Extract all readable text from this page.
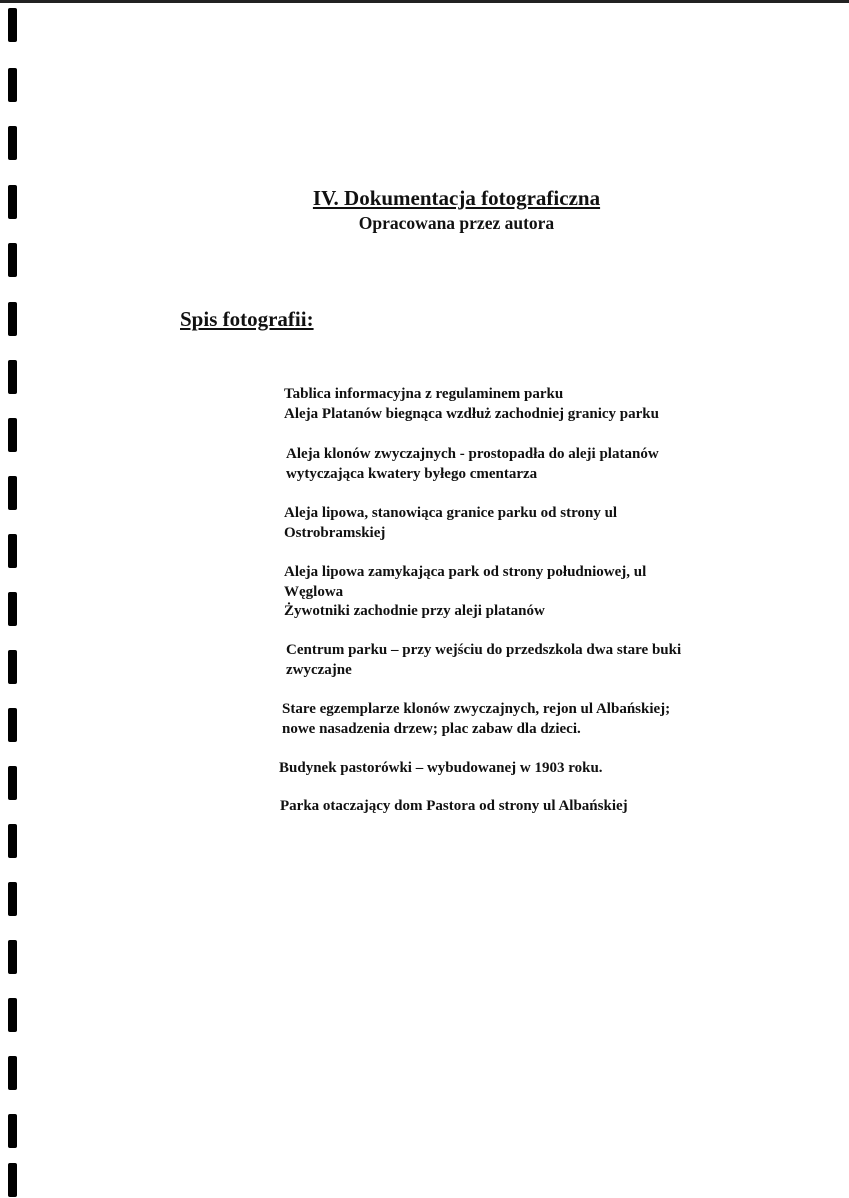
IV. Dokumentacja fotograficzna
Opracowana przez autora
Spis fotografii:
Tablica informacyjna z regulaminem parku
Aleja Platanów biegnąca wzdłuż zachodniej granicy parku
Aleja klonów zwyczajnych - prostopadła do aleji platanów
wytyczająca kwatery byłego cmentarza
Aleja lipowa, stanowiąca granice parku od strony ul
Ostrobramskiej
Aleja lipowa zamykająca park od strony południowej, ul
Węglowa
Żywotniki zachodnie przy aleji platanów
Centrum parku – przy wejściu do przedszkola dwa stare buki
zwyczajne
Stare egzemplarze klonów zwyczajnych, rejon ul Albańskiej;
nowe nasadzenia drzew; plac zabaw dla dzieci.
Budynek pastorówki – wybudowanej w 1903 roku.
Parka otaczający dom Pastora od strony ul Albańskiej
